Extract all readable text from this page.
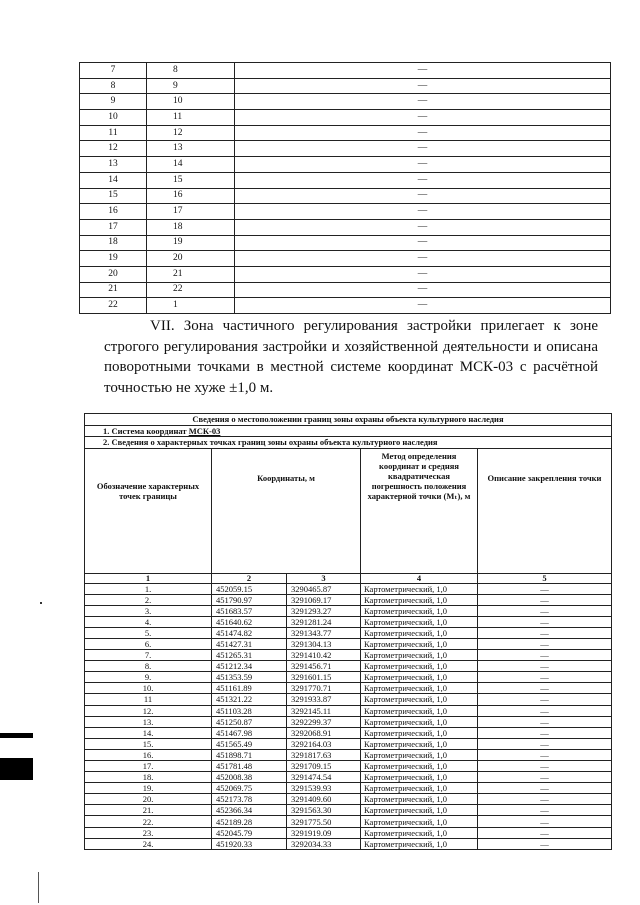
7	8	—
8	9	—
9	10	—
10	11	—
11	12	—
12	13	—
13	14	—
14	15	—
15	16	—
16	17	—
17	18	—
18	19	—
19	20	—
20	21	—
21	22	—
22	1	—

VII. Зона частичного регулирования застройки прилегает к зоне строгого регулирования застройки и хозяйственной деятельности и описана поворотными точками в местной системе координат МСК-03 с расчётной точностью не хуже ±1,0 м.

Сведения о местоположении границ зоны охраны объекта культурного наследия				
1. Система координат МСК-03				
2. Сведения о характерных точках границ зоны охраны объекта культурного наследия				
Обозначение характерных точек границы	Координаты, м		Метод определения координат и средняя квадратическая погрешность положения характерной точки (Mₜ), м	Описание закрепления точки
1	2	3	4	5
1.	452059.15	3290465.87	Картометрический, 1,0	—
2.	451790.97	3291069.17	Картометрический, 1,0	—
3.	451683.57	3291293.27	Картометрический, 1,0	—
4.	451640.62	3291281.24	Картометрический, 1,0	—
5.	451474.82	3291343.77	Картометрический, 1,0	—
6.	451427.31	3291304.13	Картометрический, 1,0	—
7.	451265.31	3291410.42	Картометрический, 1,0	—
8.	451212.34	3291456.71	Картометрический, 1,0	—
9.	451353.59	3291601.15	Картометрический, 1,0	—
10.	451161.89	3291770.71	Картометрический, 1,0	—
11	451321.22	3291933.87	Картометрический, 1,0	—
12.	451103.28	3292145.11	Картометрический, 1,0	—
13.	451250.87	3292299.37	Картометрический, 1,0	—
14.	451467.98	3292068.91	Картометрический, 1,0	—
15.	451565.49	3292164.03	Картометрический, 1,0	—
16.	451898.71	3291817.63	Картометрический, 1,0	—
17.	451781.48	3291709.15	Картометрический, 1,0	—
18.	452008.38	3291474.54	Картометрический, 1,0	—
19.	452069.75	3291539.93	Картометрический, 1,0	—
20.	452173.78	3291409.60	Картометрический, 1,0	—
21.	452366.34	3291563.30	Картометрический, 1,0	—
22.	452189.28	3291775.50	Картометрический, 1,0	—
23.	452045.79	3291919.09	Картометрический, 1,0	—
24.	451920.33	3292034.33	Картометрический, 1,0	—
